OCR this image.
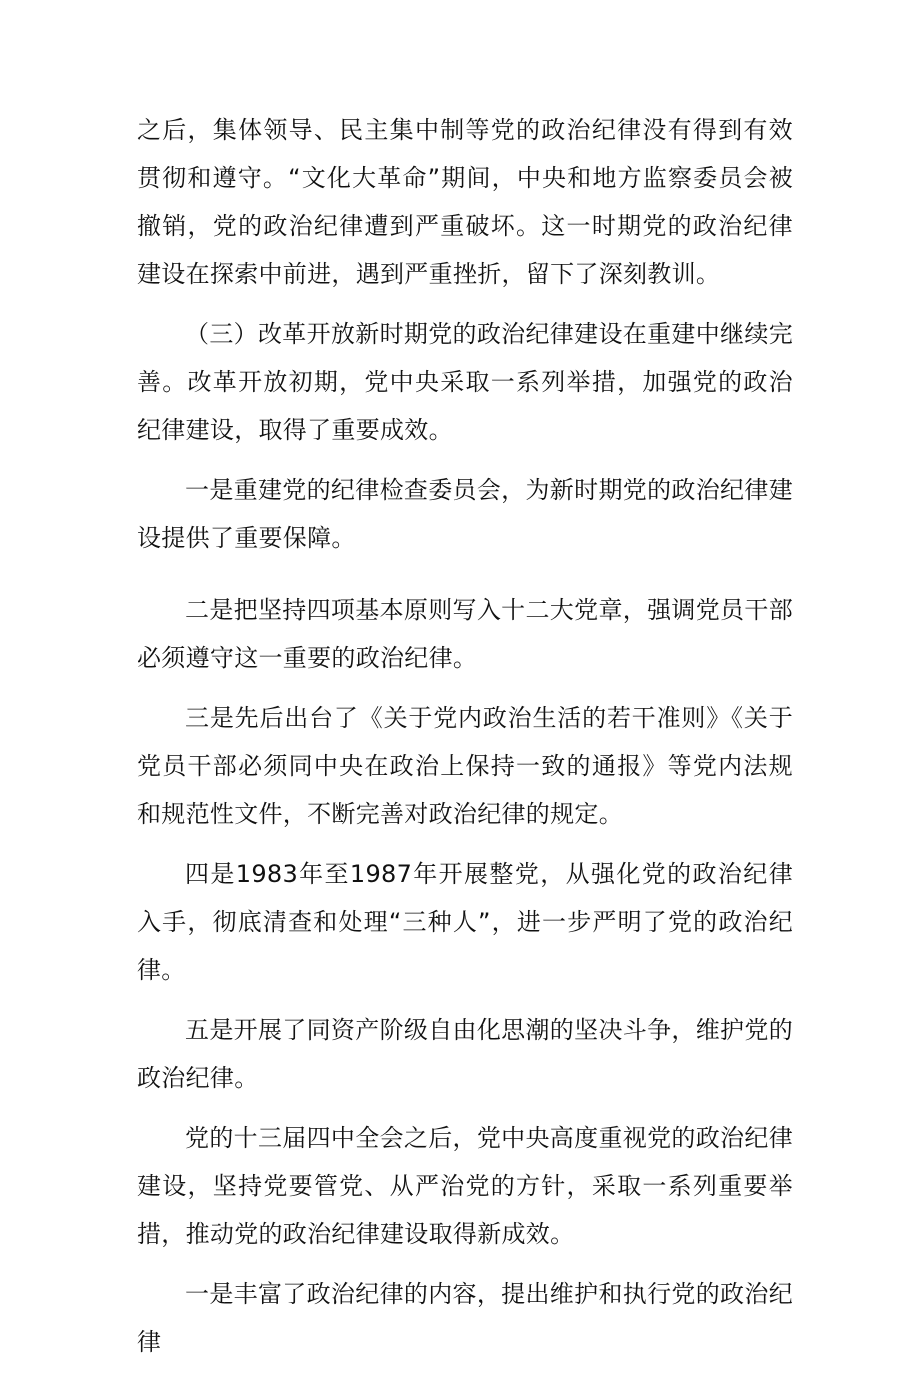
之后，集体领导、民主集中制等党的政治纪律没有得到有效贯彻和遵守。“文化大革命”期间，中央和地方监察委员会被撤销，党的政治纪律遭到严重破坏。这一时期党的政治纪律建设在探索中前进，遇到严重挫折，留下了深刻教训。

（三）改革开放新时期党的政治纪律建设在重建中继续完善。改革开放初期，党中央采取一系列举措，加强党的政治纪律建设，取得了重要成效。

一是重建党的纪律检查委员会，为新时期党的政治纪律建设提供了重要保障。

二是把坚持四项基本原则写入十二大党章，强调党员干部必须遵守这一重要的政治纪律。

三是先后出台了《关于党内政治生活的若干准则》《关于党员干部必须同中央在政治上保持一致的通报》等党内法规和规范性文件，不断完善对政治纪律的规定。

四是1983年至1987年开展整党，从强化党的政治纪律入手，彻底清查和处理“三种人”，进一步严明了党的政治纪律。

五是开展了同资产阶级自由化思潮的坚决斗争，维护党的政治纪律。

党的十三届四中全会之后，党中央高度重视党的政治纪律建设，坚持党要管党、从严治党的方针，采取一系列重要举措，推动党的政治纪律建设取得新成效。

一是丰富了政治纪律的内容，提出维护和执行党的政治纪律
